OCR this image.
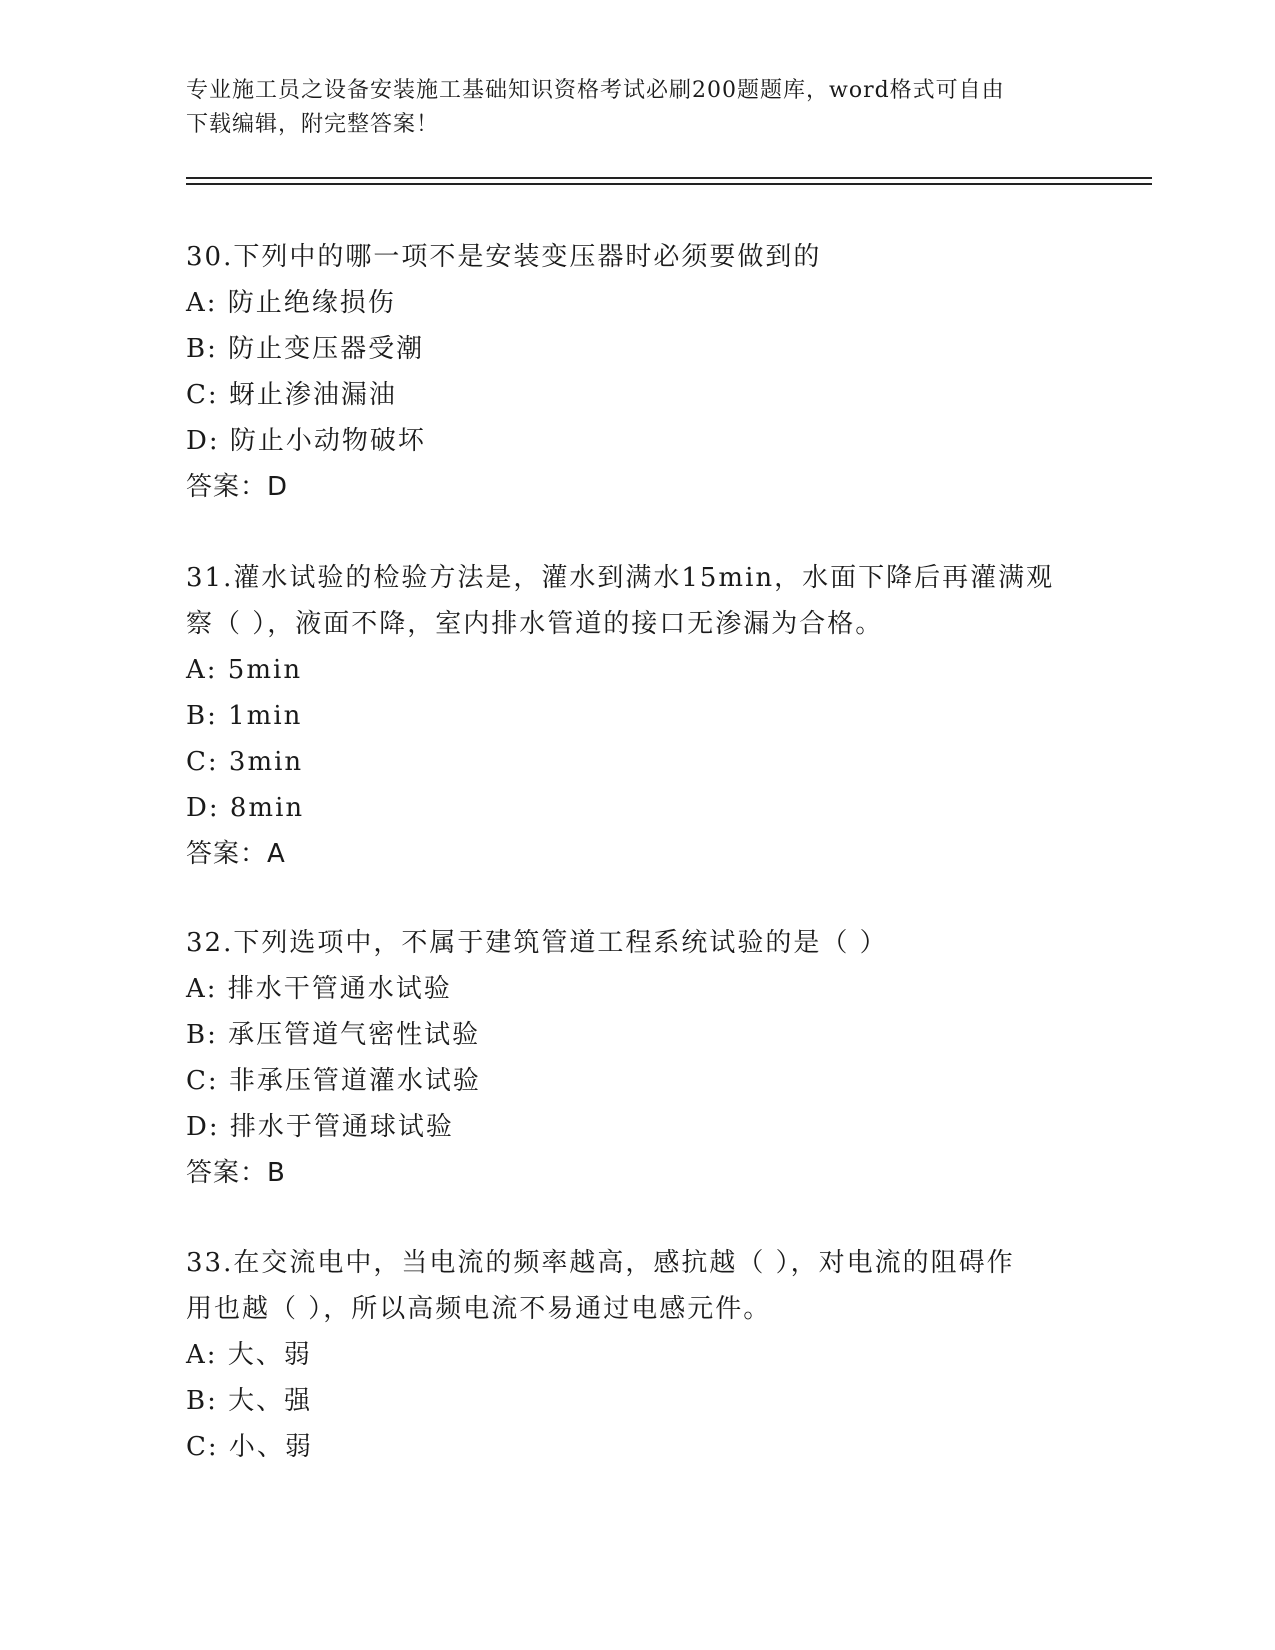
专业施工员之设备安装施工基础知识资格考试必刷200题题库，word格式可自由
下载编辑，附完整答案！

30.下列中的哪一项不是安装变压器时必须要做到的

A: 防止绝缘损伤

B: 防止变压器受潮

C: 蚜止渗油漏油

D: 防止小动物破坏

答案：D

31.灌水试验的检验方法是，灌水到满水15min，水面下降后再灌满观

察（ ），液面不降，室内排水管道的接口无渗漏为合格。

A: 5min

B: 1min

C: 3min

D: 8min

答案：A

32.下列选项中，不属于建筑管道工程系统试验的是（ ）

A: 排水干管通水试验

B: 承压管道气密性试验

C: 非承压管道灌水试验

D: 排水于管通球试验

答案：B

33.在交流电中，当电流的频率越高，感抗越（ ），对电流的阻碍作

用也越（ ），所以高频电流不易通过电感元件。

A: 大、弱

B: 大、强

C: 小、弱
